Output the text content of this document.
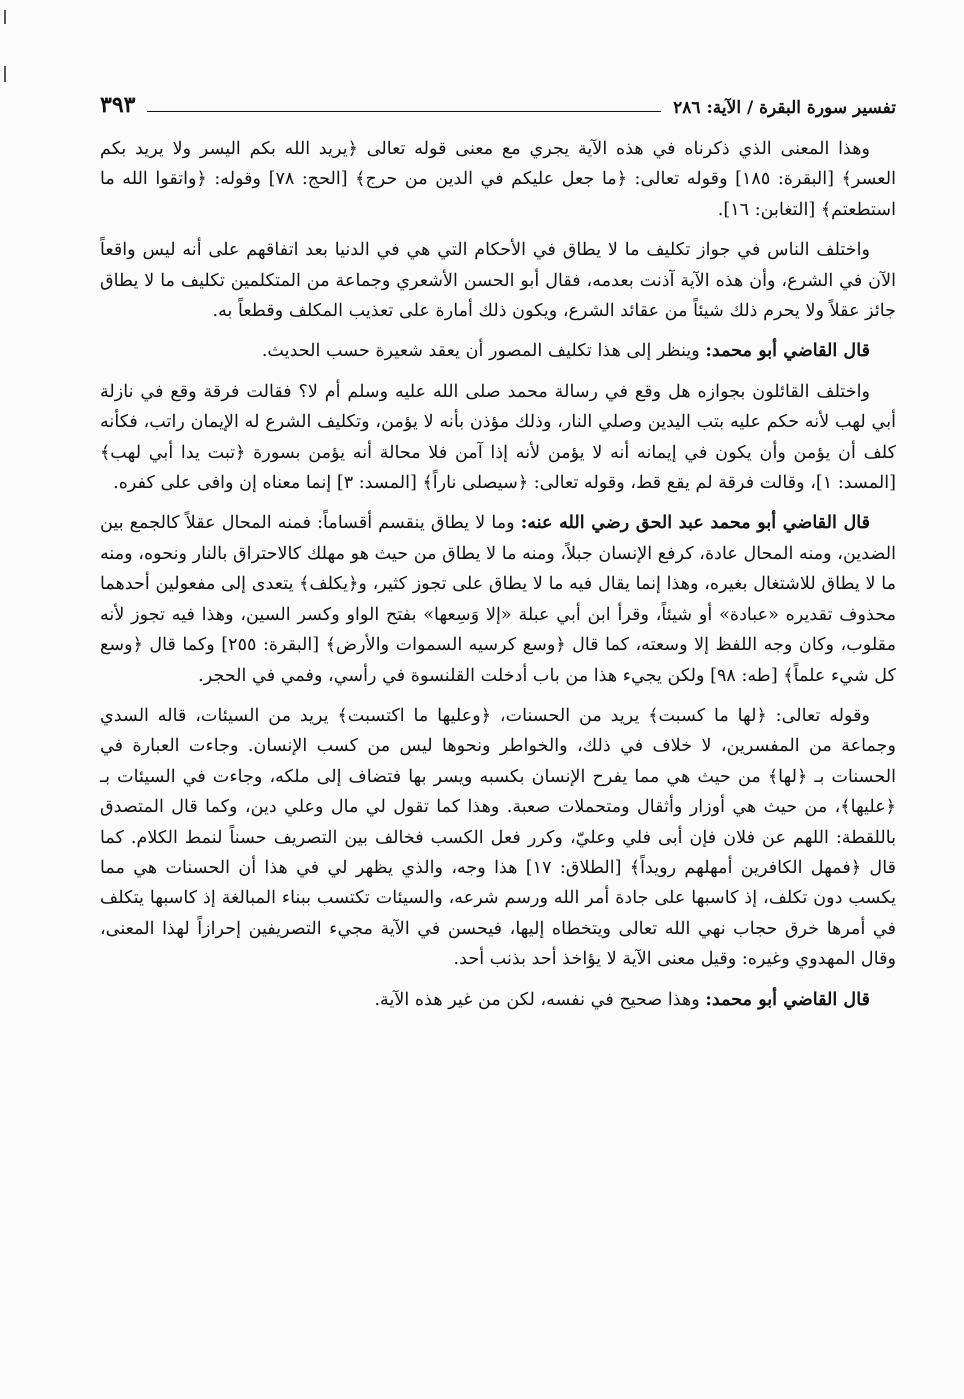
تفسير سورة البقرة / الآية: ٢٨٦
٣٩٣

وهذا المعنى الذي ذكرناه في هذه الآية يجري مع معنى قوله تعالى ﴿يريد الله بكم اليسر ولا يريد بكم العسر﴾ [البقرة: ١٨٥] وقوله تعالى: ﴿ما جعل عليكم في الدين من حرج﴾ [الحج: ٧٨] وقوله: ﴿واتقوا الله ما استطعتم﴾ [التغابن: ١٦].

واختلف الناس في جواز تكليف ما لا يطاق في الأحكام التي هي في الدنيا بعد اتفاقهم على أنه ليس واقعاً الآن في الشرع، وأن هذه الآية آذنت بعدمه، فقال أبو الحسن الأشعري وجماعة من المتكلمين تكليف ما لا يطاق جائز عقلاً ولا يحرم ذلك شيئاً من عقائد الشرع، ويكون ذلك أمارة على تعذيب المكلف وقطعاً به.

قال القاضي أبو محمد: وينظر إلى هذا تكليف المصور أن يعقد شعيرة حسب الحديث.

واختلف القائلون بجوازه هل وقع في رسالة محمد صلى الله عليه وسلم أم لا؟ فقالت فرقة وقع في نازلة أبي لهب لأنه حكم عليه بتب اليدين وصلي النار، وذلك مؤذن بأنه لا يؤمن، وتكليف الشرع له الإيمان راتب، فكأنه كلف أن يؤمن وأن يكون في إيمانه أنه لا يؤمن لأنه إذا آمن فلا محالة أنه يؤمن بسورة ﴿تبت يدا أبي لهب﴾ [المسد: ١]، وقالت فرقة لم يقع قط، وقوله تعالى: ﴿سيصلى ناراً﴾ [المسد: ٣] إنما معناه إن وافى على كفره.

قال القاضي أبو محمد عبد الحق رضي الله عنه: وما لا يطاق ينقسم أقساماً: فمنه المحال عقلاً كالجمع بين الضدين، ومنه المحال عادة، كرفع الإنسان جبلاً، ومنه ما لا يطاق من حيث هو مهلك كالاحتراق بالنار ونحوه، ومنه ما لا يطاق للاشتغال بغيره، وهذا إنما يقال فيه ما لا يطاق على تجوز كثير، و﴿يكلف﴾ يتعدى إلى مفعولين أحدهما محذوف تقديره «عبادة» أو شيئاً، وقرأ ابن أبي عبلة «إلا وَسِعها» بفتح الواو وكسر السين، وهذا فيه تجوز لأنه مقلوب، وكان وجه اللفظ إلا وسعته، كما قال ﴿وسع كرسيه السموات والأرض﴾ [البقرة: ٢٥٥] وكما قال ﴿وسع كل شيء علماً﴾ [طه: ٩٨] ولكن يجيء هذا من باب أدخلت القلنسوة في رأسي، وفمي في الحجر.

وقوله تعالى: ﴿لها ما كسبت﴾ يريد من الحسنات، ﴿وعليها ما اكتسبت﴾ يريد من السيئات، قاله السدي وجماعة من المفسرين، لا خلاف في ذلك، والخواطر ونحوها ليس من كسب الإنسان. وجاءت العبارة في الحسنات بـ ﴿لها﴾ من حيث هي مما يفرح الإنسان بكسبه ويسر بها فتضاف إلى ملكه، وجاءت في السيئات بـ ﴿عليها﴾، من حيث هي أوزار وأثقال ومتحملات صعبة. وهذا كما تقول لي مال وعلي دين، وكما قال المتصدق باللقطة: اللهم عن فلان فإن أبى فلي وعليّ، وكرر فعل الكسب فخالف بين التصريف حسناً لنمط الكلام. كما قال ﴿فمهل الكافرين أمهلهم رويداً﴾ [الطلاق: ١٧] هذا وجه، والذي يظهر لي في هذا أن الحسنات هي مما يكسب دون تكلف، إذ كاسبها على جادة أمر الله ورسم شرعه، والسيئات تكتسب ببناء المبالغة إذ كاسبها يتكلف في أمرها خرق حجاب نهي الله تعالى ويتخطاه إليها، فيحسن في الآية مجيء التصريفين إحرازاً لهذا المعنى، وقال المهدوي وغيره: وقيل معنى الآية لا يؤاخذ أحد بذنب أحد.

قال القاضي أبو محمد: وهذا صحيح في نفسه، لكن من غير هذه الآية.
